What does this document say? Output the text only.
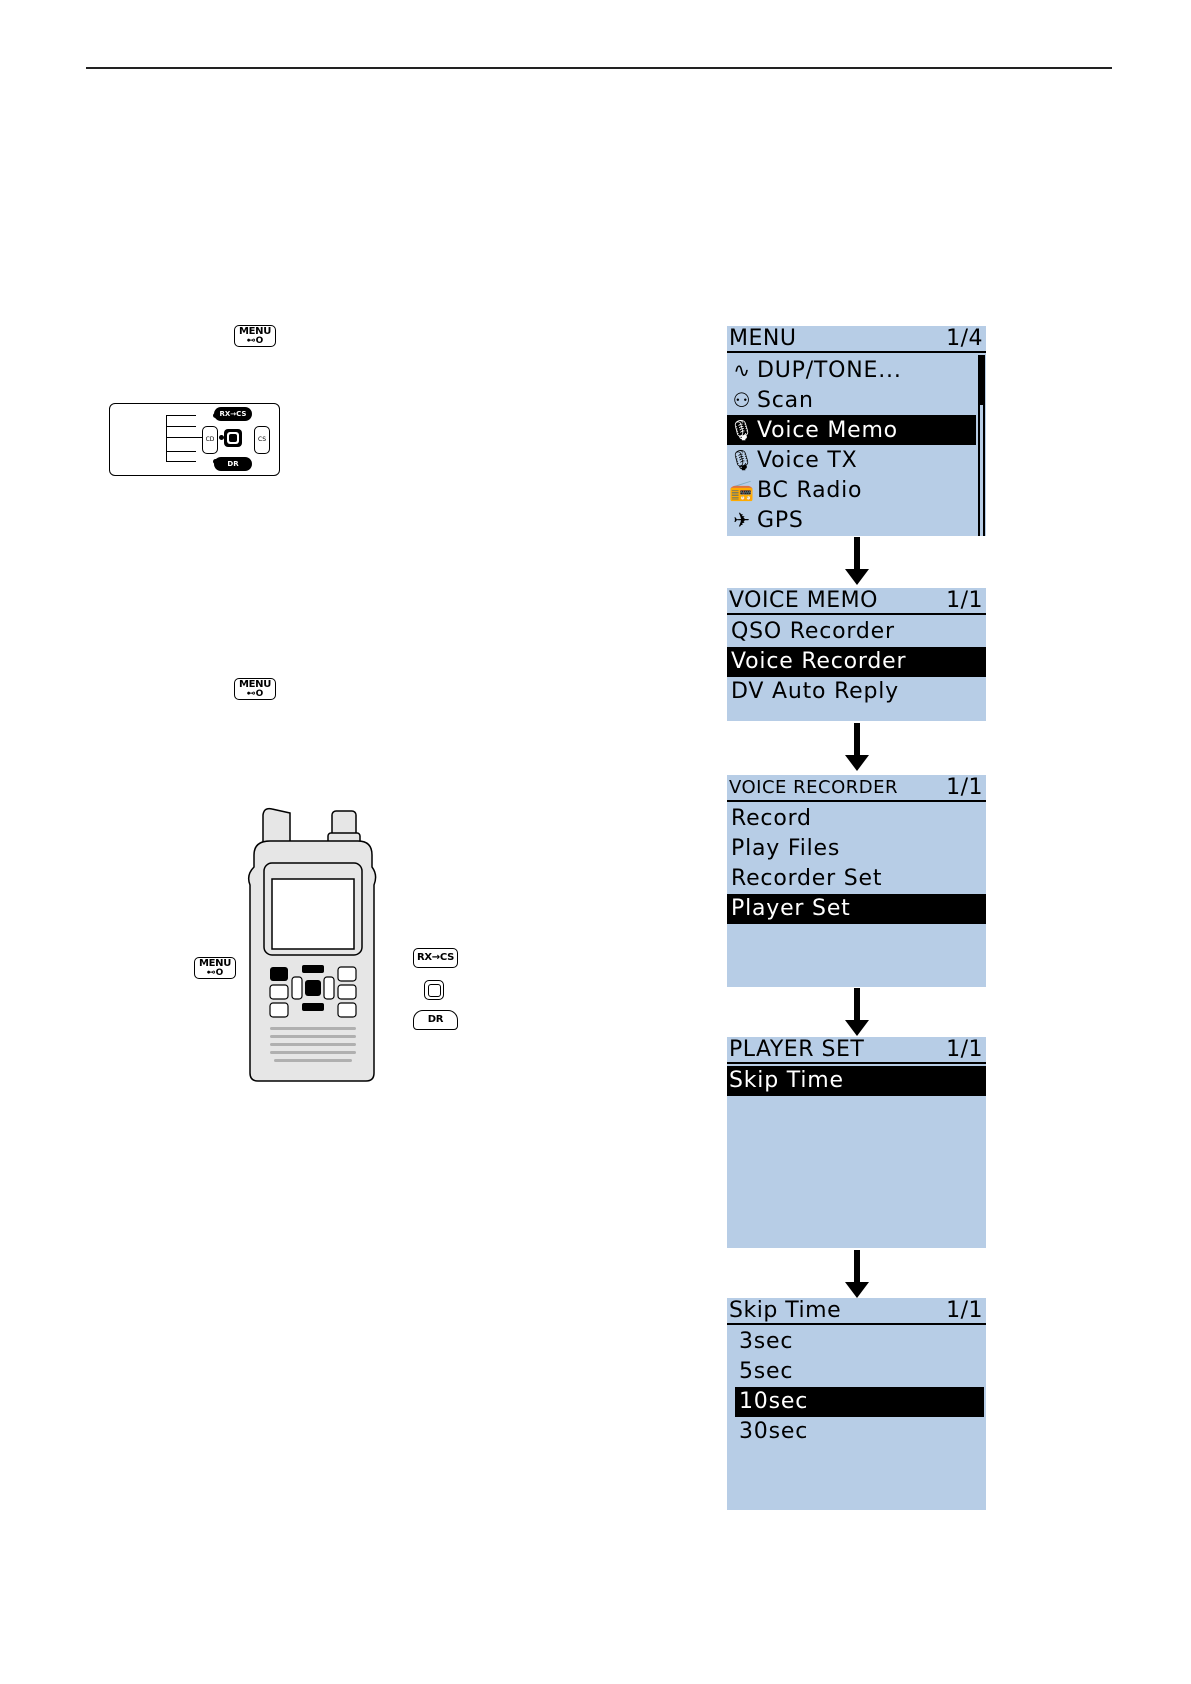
MENU
⊷O
RX→CS
DR
CD	CS
MENU
⊷O
MENU
⊷O
RX→CS
DR
MENU	1/4
∿ DUP/TONE...
⚇ Scan
🎙Voice Memo
🎙Voice TX
📻BC Radio
✈ GPS
VOICE MEMO	1/1
QSO Recorder
Voice Recorder
DV Auto Reply
VOICE RECORDER 1/1
Record
Play Files
Recorder Set
Player Set
PLAYER SET	1/1
Skip Time
Skip Time	1/1
3sec
5sec
10sec
30sec
